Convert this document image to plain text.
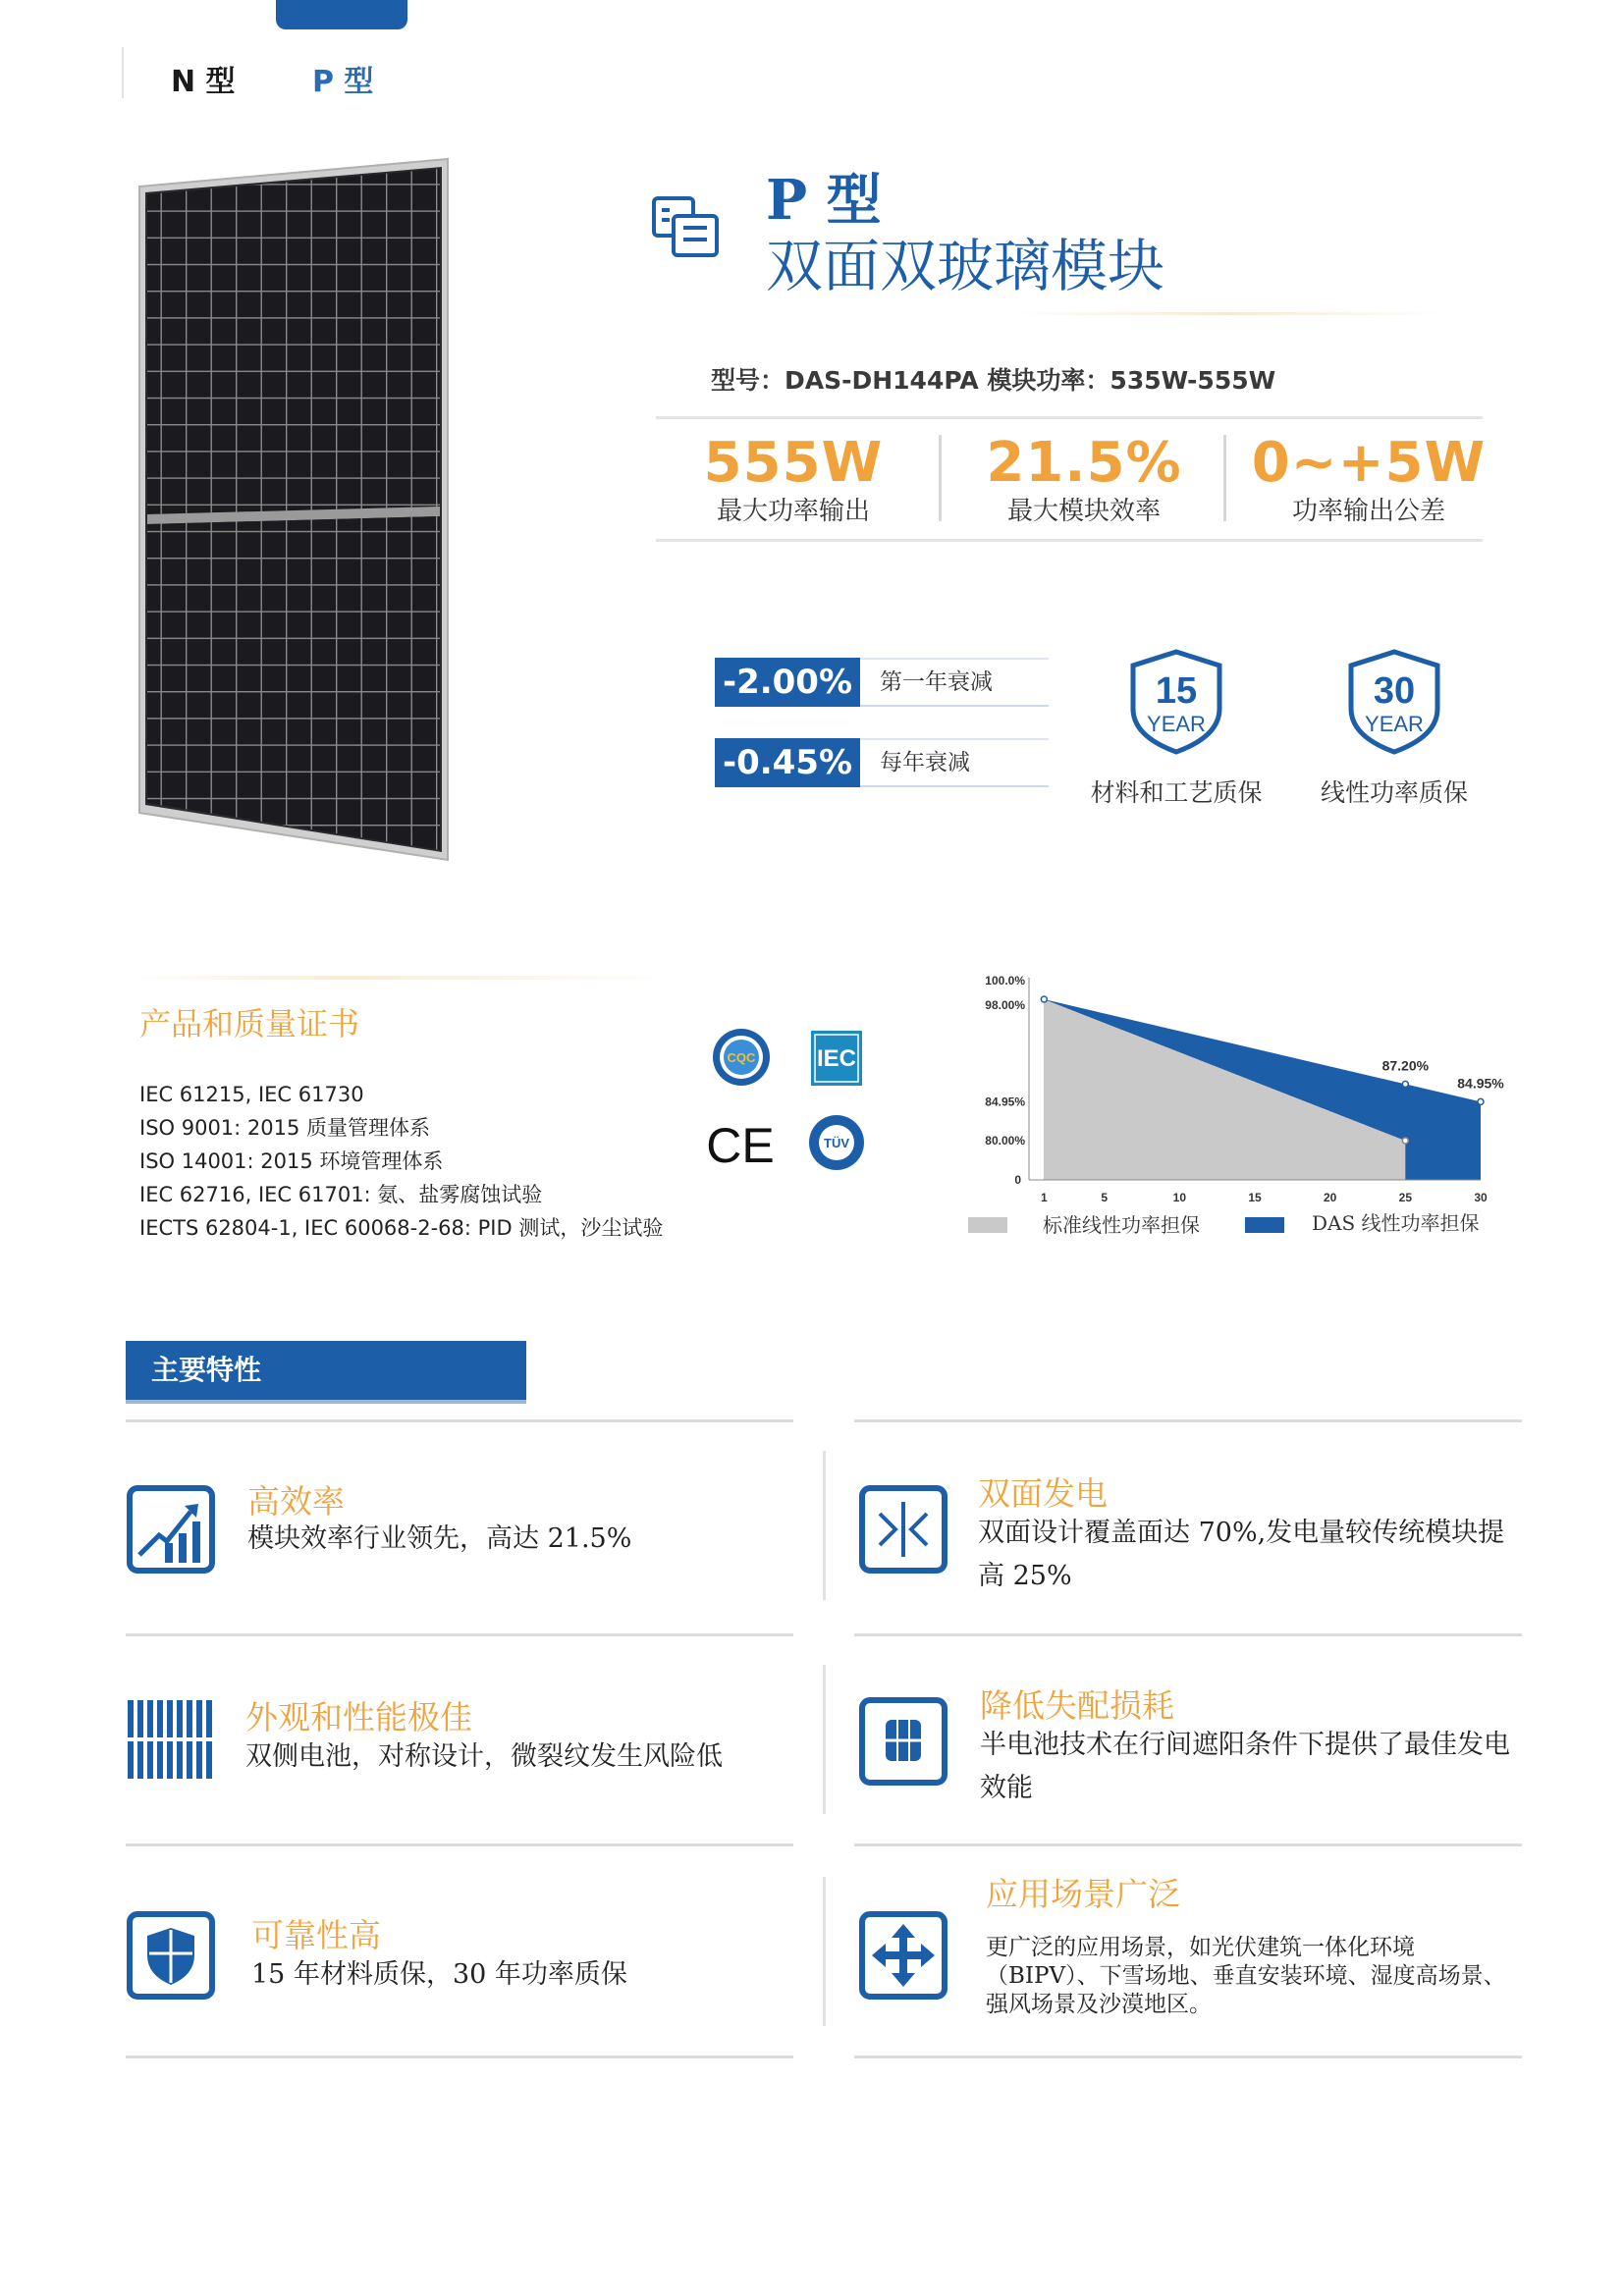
N 型	P 型
P 型
双面双玻璃模块
型号：DAS-DH144PA 模块功率：535W-555W
555W
最大功率输出
21.5%
最大模块效率
0~+5W
功率输出公差
-2.00%	第一年衰减
-0.45%	每年衰减
15
YEAR
材料和工艺质保
30
YEAR
线性功率质保
产品和质量证书
IEC 61215, IEC 61730
ISO 9001: 2015 质量管理体系
ISO 14001: 2015 环境管理体系
IEC 62716, IEC 61701: 氨、盐雾腐蚀试验
IECTS 62804-1, IEC 60068-2-68: PID 测试，沙尘试验
CQC	IEC
CE	TÜV
100.0%
98.00%
84.95%
80.00%
0
1	5	10	15	20	25	30
87.20%
84.95%
标准线性功率担保	DAS 线性功率担保
主要特性
高效率
模块效率行业领先，高达 21.5%
双面发电
双面设计覆盖面达 70%,发电量较传统模块提高 25%
外观和性能极佳
双侧电池，对称设计，微裂纹发生风险低
降低失配损耗
半电池技术在行间遮阳条件下提供了最佳发电效能
可靠性高
15 年材料质保，30 年功率质保
应用场景广泛
更广泛的应用场景，如光伏建筑一体化环境（BIPV）、下雪场地、垂直安装环境、湿度高场景、强风场景及沙漠地区。
